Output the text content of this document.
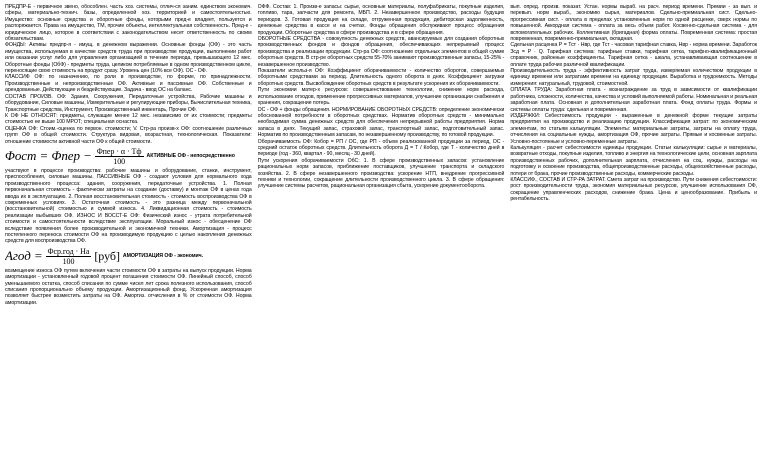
ПРЕДПР-Е - первичное звено, обособлен. часть хоз. системы, отлич-ся заним. единством экономич. сферы, материально-технич. базы, определенной хоз. территорией и самостоятельностью. Имущество: основные средства и оборотные фонды, которыми пред-е владеет, пользуется и распоряжается. Права на имущество, ТМ, прочие объекты, интеллектуальная собственность. Пред-е - юридическое лицо, которое в соответствии с законодательством несет ответственность по своим обязательствам.

ФОНДЫ: Активы предпр-я - имущ. в денежном выражении. Основные фонды (ОФ) - это часть имущества, используемая в качестве средств труда при производстве продукции, выполнении работ или оказании услуг либо для управления организацией в течение периода, превышающего 12 мес. Оборотные фонды (ОбФ) - предметы труда, целиком потребляемые в одном производственном цикле, переносящие свою стоимость на продукт сразу. Уровень цен (10% все ОФ). ОС - ОФ.

КЛАССИФ ОФ: по назначению, по роли в производстве, по форме, по принадлежности. Производственные и непроизводственные ОФ. Активные и пассивные ОФ. Собственные и арендованные. Действующие и бездействующие. Задача - ввод ОС на баланс.

СОСТАВ ПРОИЗВ. ОФ: Здания, Сооружения, Передаточные устройства, Рабочие машины и оборудование, Силовые машины, Измерительные и регулирующие приборы, Вычислительная техника, Транспортные средства, Инструмент, Производственный инвентарь, Прочие ОФ.

К ОФ НЕ ОТНОСЯТ: предметы, служащие менее 12 мес. независимо от их стоимости; предметы стоимостью не выше 100 МРОТ; специальная оснастка.

ОЦЕНКА ОФ: Стоим.-оценка по первон. стоимости; V. Стр-ра произв-х ОФ: соотношение различных групп ОФ в общей стоимости. Структура видовая, возрастная, технологическая. Показатели: отношение стоимости активной части ОФ к общей стоимости.

$\Phi ост = \Phi пер - \frac{\text{Φпер · α · Tф}}{100}$ АКТИВНЫЕ ОФ - непосредственно

участвуют в процессе производства: рабочие машины и оборудование, станки, инструмент, приспособления, силовые машины. ПАССИВНЫЕ ОФ - создают условия для нормального хода производственного процесса: здания, сооружения, передаточные устройства. 1. Полная первоначальная стоимость - фактически затраты на создание (доставку) и монтаж ОФ в ценах года ввода их в эксплуатацию. 2. Полная восстановительная стоимость - стоимость воспроизводства ОФ в современных условиях. 3. Остаточная стоимость - это разница между первоначальной (восстановительной) стоимостью и суммой износа. 4. Ликвидационная стоимость - стоимость реализации выбывших ОФ. ИЗНОС И ВОССТ-Е ОФ: Физический износ - утрата потребительной стоимости и самостоятельности вследствие эксплуатации. Моральный износ - обесценение ОФ вследствие появления более производительной и экономичной техники. Амортизация - процесс постепенного переноса стоимости ОФ на производимую продукцию с целью накопления денежных средств для воспроизводства ОФ.

Aгод = $\frac{\text{Φср.год · Ha}}{100} [руб]$ АМОРТИЗАЦИЯ ОФ - экономич.

возмещение износа ОФ путем включения части стоимости ОФ в затраты на выпуск продукции. Норма амортизации - установленный годовой процент погашения стоимости ОФ. Линейный способ, способ уменьшаемого остатка, способ списания по сумме чисел лет срока полезного использования, способ списания пропорционально объему продукции. Амортизационный фонд. Ускоренная амортизация позволяет быстрее возместить затраты на ОФ. Амортиз. отчисления в % от стоимости ОФ. Норма амортизации.

ОФФ. Состав: 1. Произв-е запасы: сырье, основные материалы, полуфабрикаты, покупные изделия, топливо, тара, запчасти для ремонта, МБП. 2. Незавершенное производство, расходы будущих периодов. 3. Готовая продукция на складе, отгруженная продукция, дебиторская задолженность, денежные средства в кассе и на счетах. Фонды обращения обслуживают процесс обращения продукции. Оборотные средства в сфере производства и в сфере обращения.

ОБОРОТНЫЕ СРЕДСТВА - совокупность денежных средств, авансируемых для создания оборотных производственных фондов и фондов обращения, обеспечивающих непрерывный процесс производства и реализации продукции. Стр-ра ОФ: соотношение отдельных элементов в общей сумме оборотных средств. В стр-ре оборотных средств 55-70% занимают производственные запасы, 15-25% - незавершенное производство.

Показатели использ-я ОФ: Коэффициент оборачиваемости - количество оборотов, совершаемых оборотными средствами за период. Длительность одного оборота в днях. Коэффициент загрузки оборотных средств. Высвобождение оборотных средств в результате ускорения их оборачиваемости.

Пути экономии матер-х ресурсов: совершенствование технологии, снижение норм расхода, использование отходов, применение прогрессивных материалов, улучшение организации снабжения и хранения, сокращение потерь.

ОС - ОФ + фонды обращения. НОРМИРОВАНИЕ ОБОРОТНЫХ СРЕДСТВ: определение экономически обоснованной потребности в оборотных средствах. Норматив оборотных средств - минимально необходимая сумма денежных средств для обеспечения непрерывной работы предприятия. Норма запаса в днях. Текущий запас, страховой запас, транспортный запас, подготовительный запас. Норматив по производственным запасам, по незавершенному производству, по готовой продукции.

Оборачиваемость ОФ: Кобор = РП / ОС, где РП - объем реализованной продукции за период, ОС - средний остаток оборотных средств. Длительность оборота Д = Т / Кобор, где Т - количество дней в периоде (год - 360, квартал - 90, месяц - 30 дней).

Пути ускорения оборачиваемости ОбС: 1. В сфере производственных запасов: установление рациональных норм запасов, приближение поставщиков, улучшение транспорта и складского хозяйства. 2. В сфере незавершенного производства: ускорение НТП, внедрение прогрессивной техники и технологии, сокращение длительности производственного цикла. 3. В сфере обращения: улучшение системы расчетов, рациональная организация сбыта, ускорение документооборота.

вып. опред. произв. показат. Устан. нормы выраб. на расч. период времени. Премии - за вып. и перевып. норм выраб., экономию сырья, материалов. Сдельно-премиальная сист. Сдельно-прогрессивная сист. - оплата в пределах установленных норм по одной расценке, сверх нормы по повышенной. Аккордная система - оплата за весь объем работ. Косвенно-сдельная система - для вспомогательных рабочих. Коллективная (бригадная) форма оплаты. Повременная система: простая повременная, повременно-премиальная, окладная.

Сдельная расценка Р = Тст · Нвр, где Тст - часовая тарифная ставка, Нвр - норма времени. Заработок Зсд = Р · Q. Тарифная система: тарифные ставки, тарифная сетка, тарифно-квалификационный справочник, районные коэффициенты. Тарифная сетка - шкала, устанавливающая соотношение в оплате труда рабочих различной квалификации.

Производительность труда - эффективность затрат труда, измеряемая количеством продукции в единицу времени или затратами времени на единицу продукции. Выработка и трудоемкость. Методы измерения: натуральный, трудовой, стоимостной.

ОПЛАТА ТРУДА: Заработная плата - вознаграждение за труд в зависимости от квалификации работника, сложности, количества, качества и условий выполняемой работы. Номинальная и реальная заработная плата. Основная и дополнительная заработная плата. Фонд оплаты труда. Формы и системы оплаты труда: сдельная и повременная.

ИЗДЕРЖКИ: Себестоимость продукции - выраженные в денежной форме текущие затраты предприятия на производство и реализацию продукции. Классификация затрат: по экономическим элементам, по статьям калькуляции. Элементы: материальные затраты, затраты на оплату труда, отчисления на социальные нужды, амортизация ОФ, прочие затраты. Прямые и косвенные затраты. Условно-постоянные и условно-переменные затраты.

Калькуляция - расчет себестоимости единицы продукции. Статьи калькуляции: сырье и материалы, возвратные отходы, покупные изделия, топливо и энергия на технологические цели, основная зарплата производственных рабочих, дополнительная зарплата, отчисления на соц. нужды, расходы на подготовку и освоение производства, общепроизводственные расходы, общехозяйственные расходы, потери от брака, прочие производственные расходы, коммерческие расходы.

КЛАССИФ., СОСТАВ И СТР-РА ЗАТРАТ. Смета затрат на производство. Пути снижения себестоимости: рост производительности труда, экономия материальных ресурсов, улучшение использования ОФ, сокращение управленческих расходов, снижение брака. Цена и ценообразование. Прибыль и рентабельность.
